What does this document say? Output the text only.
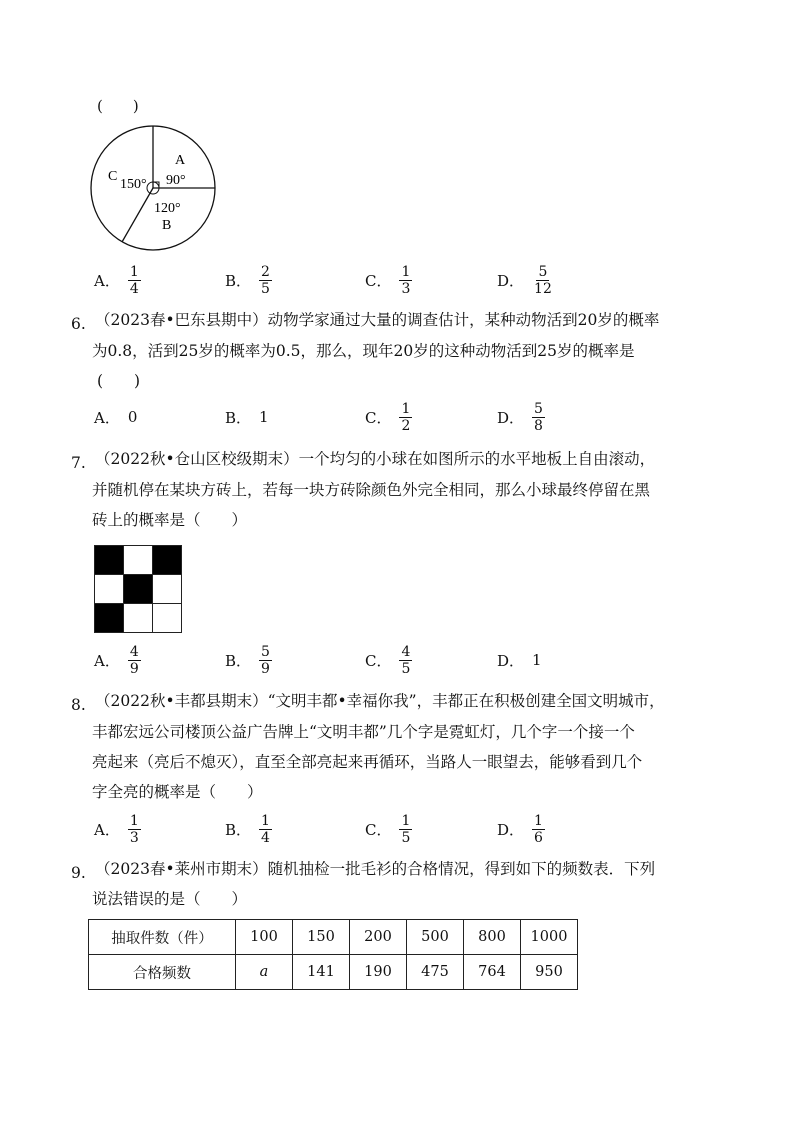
(　　)
A
90°
C
150°
120°
B
A． $\frac{1}{4}$	B． $\frac{2}{5}$	C． $\frac{1}{3}$	D． $\frac{5}{12}$
6. （2023春•巴东县期中）动物学家通过大量的调查估计，某种动物活到20岁的概率
为0.8，活到25岁的概率为0.5，那么，现年20岁的这种动物活到25岁的概率是
(　　)
A． 0	B． 1	C． $\frac{1}{2}$	D． $\frac{5}{8}$
7. （2022秋•仓山区校级期末）一个均匀的小球在如图所示的水平地板上自由滚动，
并随机停在某块方砖上，若每一块方砖除颜色外完全相同，那么小球最终停留在黑
砖上的概率是（　　）
A． $\frac{4}{9}$	B． $\frac{5}{9}$	C． $\frac{4}{5}$	D． 1
8. （2022秋•丰都县期末）“文明丰都•幸福你我”，丰都正在积极创建全国文明城市，
丰都宏远公司楼顶公益广告牌上“文明丰都”几个字是霓虹灯，几个字一个接一个
亮起来（亮后不熄灭），直至全部亮起来再循环，当路人一眼望去，能够看到几个
字全亮的概率是（　　）
A． $\frac{1}{3}$	B． $\frac{1}{4}$	C． $\frac{1}{5}$	D． $\frac{1}{6}$
9. （2023春•莱州市期末）随机抽检一批毛衫的合格情况，得到如下的频数表．下列
说法错误的是（　　）
抽取件数（件）	100	150	200	500	800	1000
合格频数	a	141	190	475	764	950
